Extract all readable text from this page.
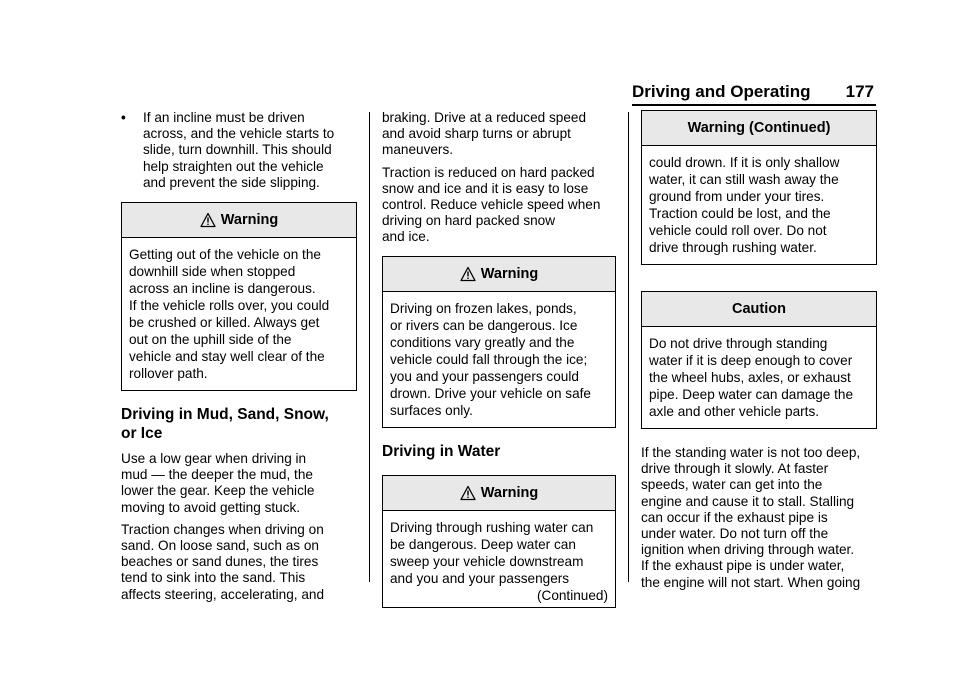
Driving and Operating 177
• If an incline must be driven
across, and the vehicle starts to
slide, turn downhill. This should
help straighten out the vehicle
and prevent the side slipping.
Warning
Getting out of the vehicle on the
downhill side when stopped
across an incline is dangerous.
If the vehicle rolls over, you could
be crushed or killed. Always get
out on the uphill side of the
vehicle and stay well clear of the
rollover path.
Driving in Mud, Sand, Snow,
or Ice

Use a low gear when driving in
mud — the deeper the mud, the
lower the gear. Keep the vehicle
moving to avoid getting stuck.

Traction changes when driving on
sand. On loose sand, such as on
beaches or sand dunes, the tires
tend to sink into the sand. This
affects steering, accelerating, and

braking. Drive at a reduced speed
and avoid sharp turns or abrupt
maneuvers.

Traction is reduced on hard packed
snow and ice and it is easy to lose
control. Reduce vehicle speed when
driving on hard packed snow
and ice.

Warning
Driving on frozen lakes, ponds,
or rivers can be dangerous. Ice
conditions vary greatly and the
vehicle could fall through the ice;
you and your passengers could
drown. Drive your vehicle on safe
surfaces only.
Driving in Water
Warning
Driving through rushing water can
be dangerous. Deep water can
sweep your vehicle downstream
and you and your passengers
(Continued)
Warning (Continued)
could drown. If it is only shallow
water, it can still wash away the
ground from under your tires.
Traction could be lost, and the
vehicle could roll over. Do not
drive through rushing water.
Caution
Do not drive through standing
water if it is deep enough to cover
the wheel hubs, axles, or exhaust
pipe. Deep water can damage the
axle and other vehicle parts.

If the standing water is not too deep,
drive through it slowly. At faster
speeds, water can get into the
engine and cause it to stall. Stalling
can occur if the exhaust pipe is
under water. Do not turn off the
ignition when driving through water.
If the exhaust pipe is under water,
the engine will not start. When going
